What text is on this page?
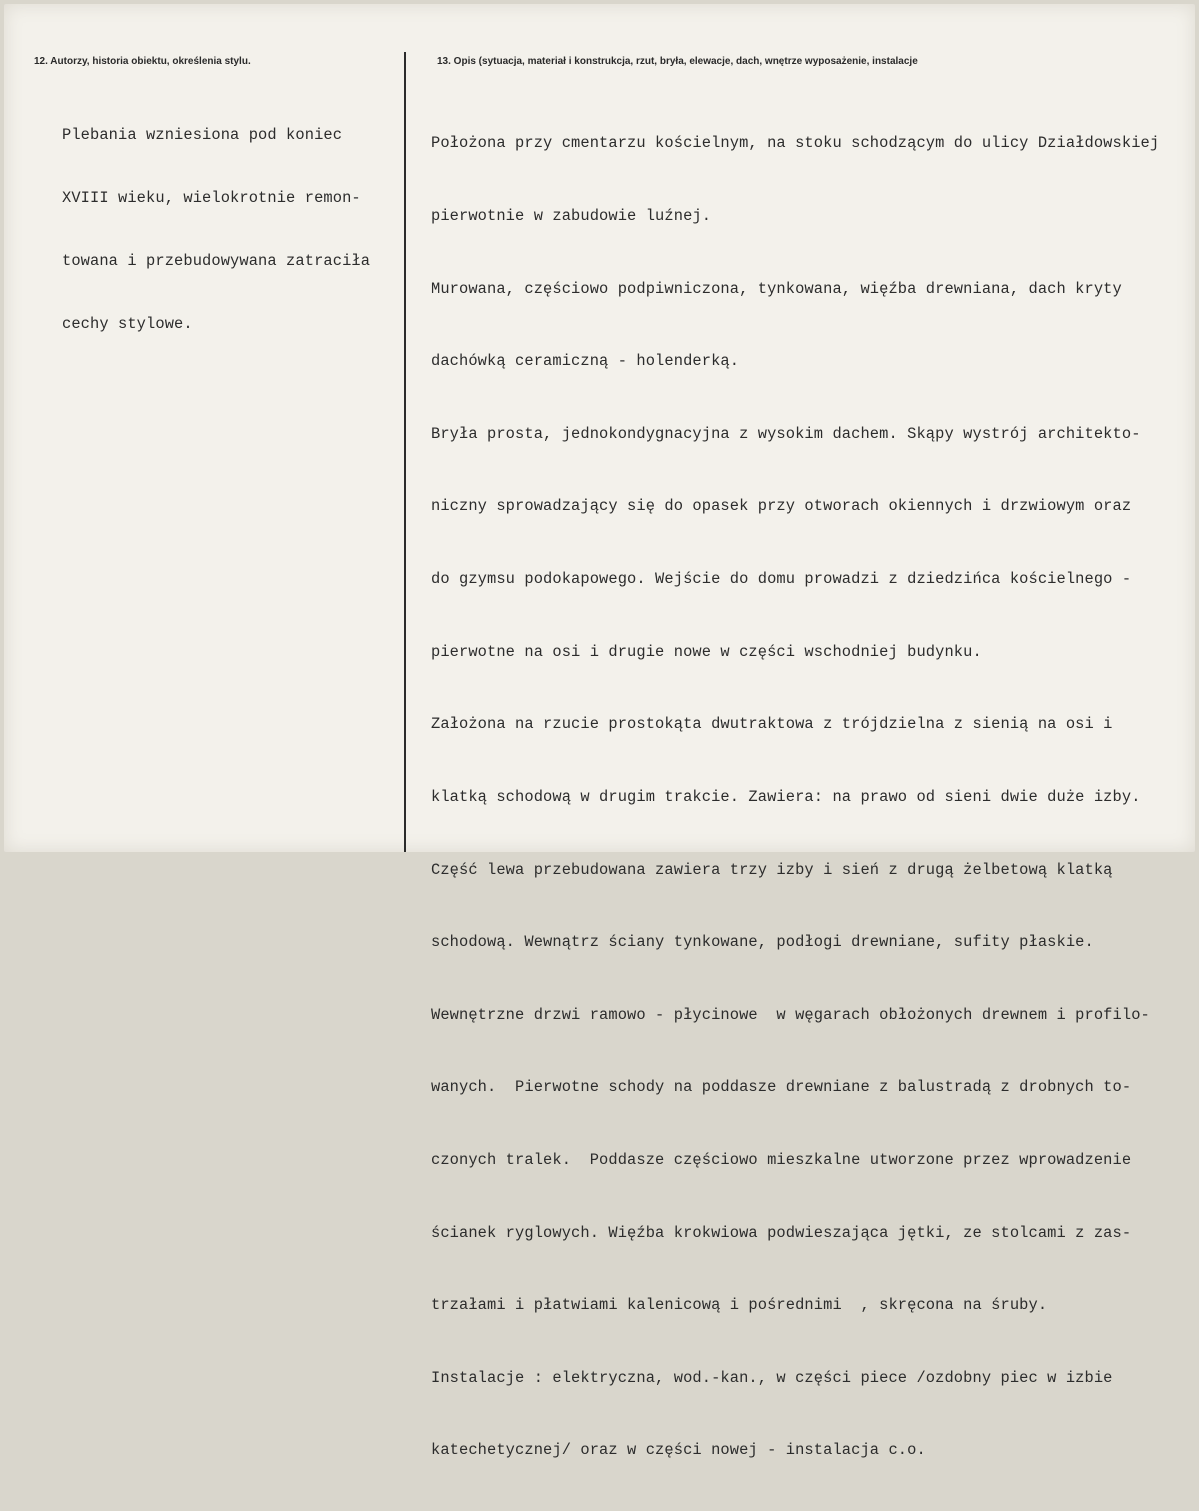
12. Autorzy, historia obiektu, określenia stylu.	13. Opis (sytuacja, materiał i konstrukcja, rzut, bryła, elewacje, dach, wnętrze wyposażenie, instalacje

Plebania wzniesiona pod koniec

XVIII wieku, wielokrotnie remon-

towana i przebudowywana zatraciła

cechy stylowe.

Położona przy cmentarzu kościelnym, na stoku schodzącym do ulicy Działdowskiej

pierwotnie w zabudowie luźnej.

Murowana, częściowo podpiwniczona, tynkowana, więźba drewniana, dach kryty

dachówką ceramiczną - holenderką.

Bryła prosta, jednokondygnacyjna z wysokim dachem. Skąpy wystrój architekto-

niczny sprowadzający się do opasek przy otworach okiennych i drzwiowym oraz

do gzymsu podokapowego. Wejście do domu prowadzi z dziedzińca kościelnego -

pierwotne na osi i drugie nowe w części wschodniej budynku.

Założona na rzucie prostokąta dwutraktowa z trójdzielna z sienią na osi i

klatką schodową w drugim trakcie. Zawiera: na prawo od sieni dwie duże izby.

Część lewa przebudowana zawiera trzy izby i sień z drugą żelbetową klatką

schodową. Wewnątrz ściany tynkowane, podłogi drewniane, sufity płaskie.

Wewnętrzne drzwi ramowo - płycinowe  w węgarach obłożonych drewnem i profilo-

wanych.  Pierwotne schody na poddasze drewniane z balustradą z drobnych to-

czonych tralek.  Poddasze częściowo mieszkalne utworzone przez wprowadzenie

ścianek ryglowych. Więźba krokwiowa podwieszająca jętki, ze stolcami z zas-

trzałami i płatwiami kalenicową i pośrednimi  , skręcona na śruby.

Instalacje : elektryczna, wod.-kan., w części piece /ozdobny piec w izbie

katechetycznej/ oraz w części nowej - instalacja c.o.
